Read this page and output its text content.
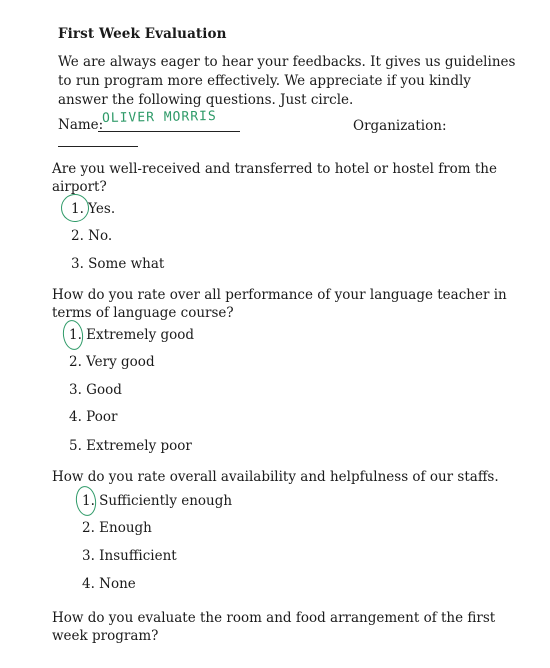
First Week Evaluation
We are always eager to hear your feedbacks. It gives us guidelines to run program more effectively. We appreciate if you kindly answer the following questions. Just circle.
Name:
OLIVER MORRIS	Organization:
Are you well-received and transferred to hotel or hostel from the airport?
1. Yes.
2. No.
3. Some what
How do you rate over all performance of your language teacher in terms of language course?
1. Extremely good
2. Very good
3. Good
4. Poor
5. Extremely poor
How do you rate overall availability and helpfulness of our staffs.
1. Sufficiently enough
2. Enough
3. Insufficient
4. None
How do you evaluate the room and food arrangement of the first week program?
